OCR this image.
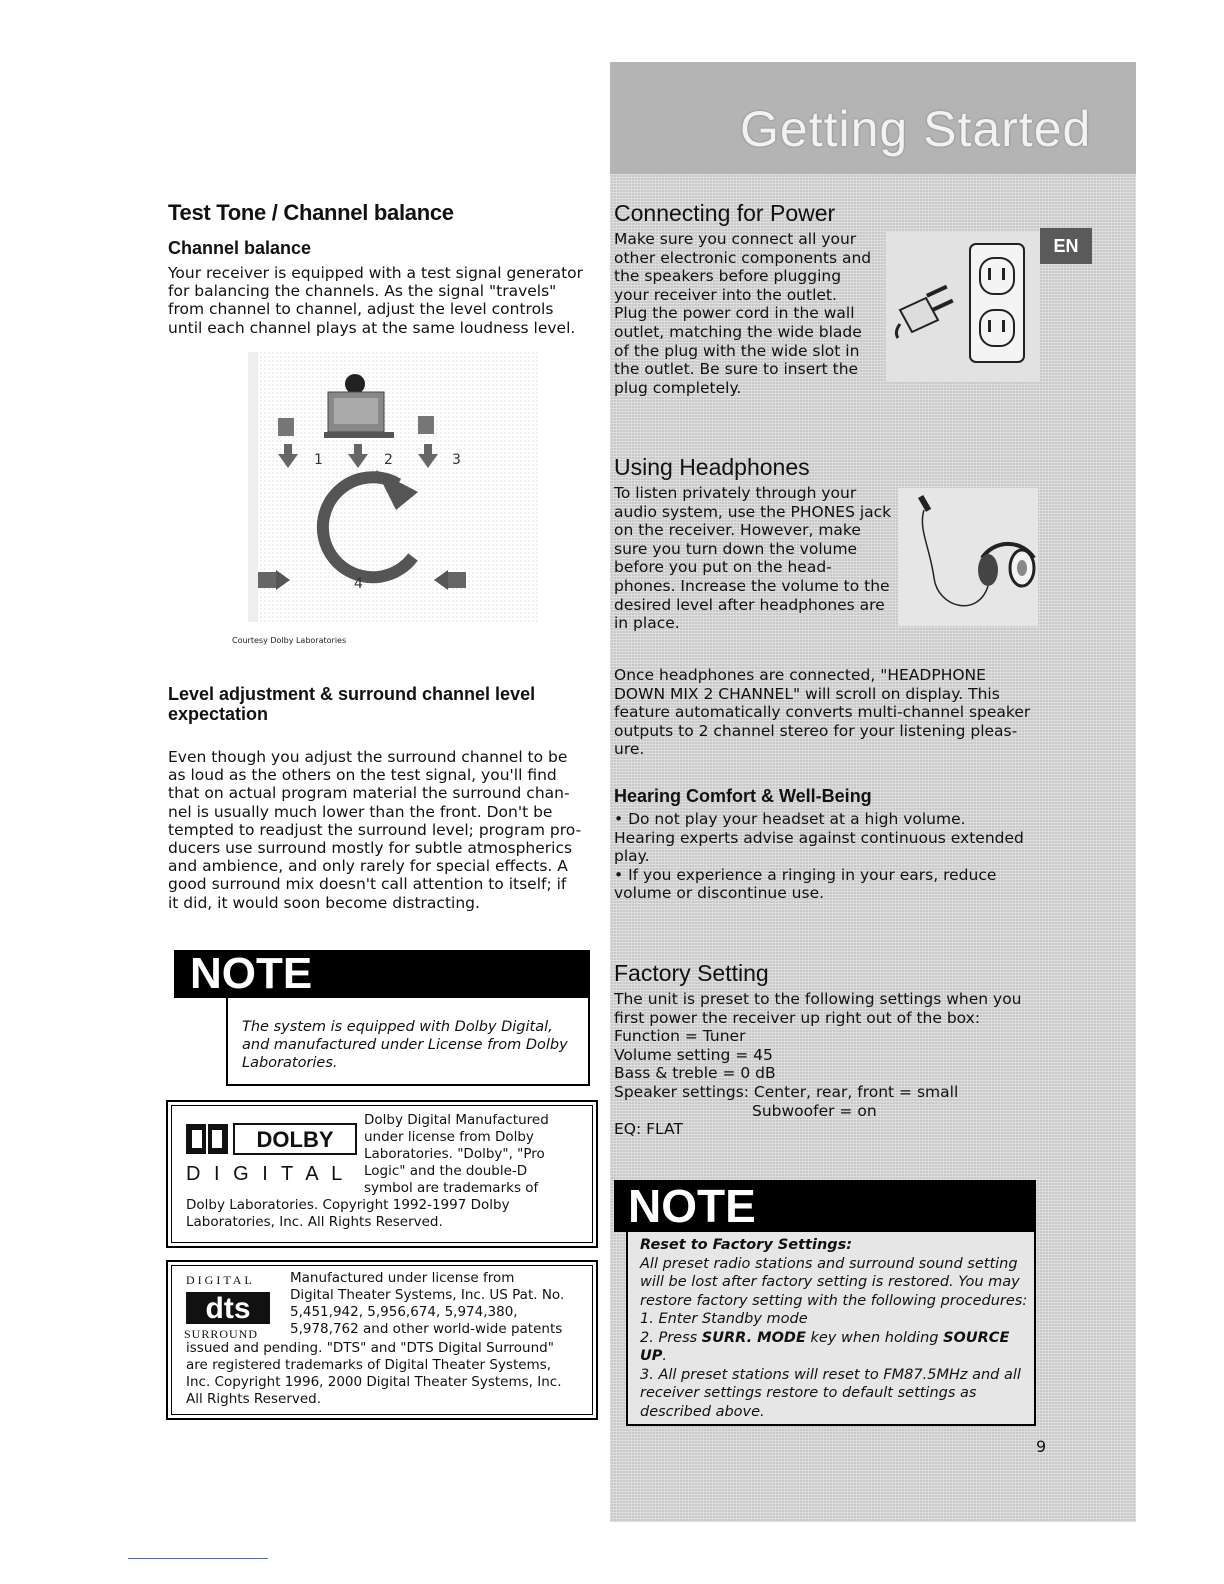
Test Tone / Channel balance
Channel balance
Your receiver is equipped with a test signal generator
for balancing the channels. As the signal "travels"
from channel to channel, adjust the level controls
until each channel plays at the same loudness level.
1	2	3
4
Courtesy Dolby Laboratories
Level adjustment & surround channel level
expectation
Even though you adjust the surround channel to be
as loud as the others on the test signal, you'll find
that on actual program material the surround chan-
nel is usually much lower than the front. Don't be
tempted to readjust the surround level; program pro-
ducers use surround mostly for subtle atmospherics
and ambience, and only rarely for special effects. A
good surround mix doesn't call attention to itself; if
it did, it would soon become distracting.
NOTE
The system is equipped with Dolby Digital,
and manufactured under License from Dolby
Laboratories.
DOLBY
D I G I T A L
Dolby Digital Manufactured
under license from Dolby
Laboratories. "Dolby", "Pro
Logic" and the double-D
symbol are trademarks of
Dolby Laboratories. Copyright 1992-1997 Dolby
Laboratories, Inc. All Rights Reserved.
DIGITAL
dts
SURROUND
Manufactured under license from
Digital Theater Systems, Inc. US Pat. No.
5,451,942, 5,956,674, 5,974,380,
5,978,762 and other world-wide patents
issued and pending. "DTS" and "DTS Digital Surround"
are registered trademarks of Digital Theater Systems,
Inc. Copyright 1996, 2000 Digital Theater Systems, Inc.
All Rights Reserved.
Getting Started
EN
Connecting for Power
Make sure you connect all your
other electronic components and
the speakers before plugging
your receiver into the outlet.
Plug the power cord in the wall
outlet, matching the wide blade
of the plug with the wide slot in
the outlet. Be sure to insert the
plug completely.
Using Headphones
To listen privately through your
audio system, use the PHONES jack
on the receiver. However, make
sure you turn down the volume
before you put on the head-
phones. Increase the volume to the
desired level after headphones are
in place.
Once headphones are connected, "HEADPHONE
DOWN MIX 2 CHANNEL" will scroll on display. This
feature automatically converts multi-channel speaker
outputs to 2 channel stereo for your listening pleas-
ure.
Hearing Comfort & Well-Being
• Do not play your headset at a high volume.
Hearing experts advise against continuous extended
play.
• If you experience a ringing in your ears, reduce
volume or discontinue use.
Factory Setting
The unit is preset to the following settings when you
first power the receiver up right out of the box:
Function = Tuner
Volume setting = 45
Bass & treble = 0 dB
Speaker settings: Center, rear, front = small
Subwoofer = on
EQ: FLAT
NOTE
Reset to Factory Settings:
All preset radio stations and surround sound setting
will be lost after factory setting is restored. You may
restore factory setting with the following procedures:
1. Enter Standby mode
2. Press SURR. MODE key when holding SOURCE UP.
3. All preset stations will reset to FM87.5MHz and all
receiver settings restore to default settings as
described above.
9
